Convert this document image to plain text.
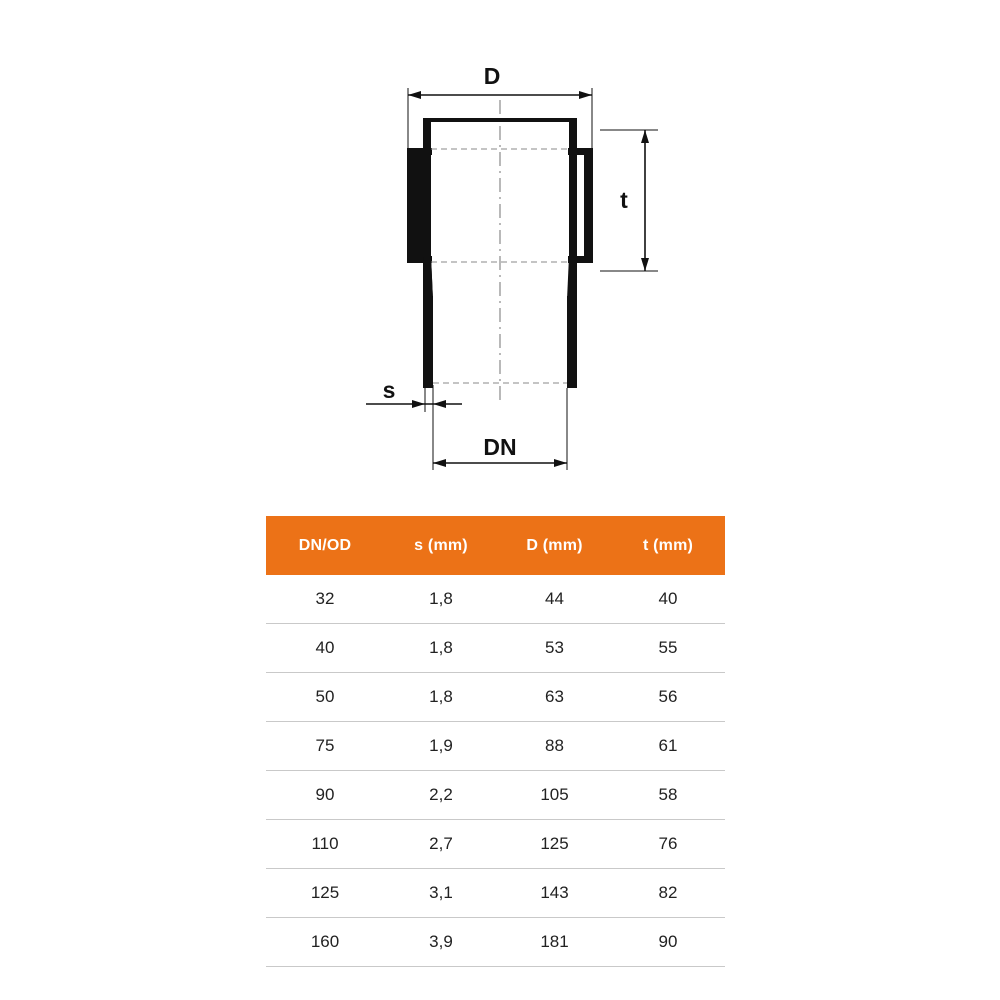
D
t
s
DN
DN/OD	s (mm)	D (mm)	t (mm)
32	1,8	44	40
40	1,8	53	55
50	1,8	63	56
75	1,9	88	61
90	2,2	105	58
110	2,7	125	76
125	3,1	143	82
160	3,9	181	90
